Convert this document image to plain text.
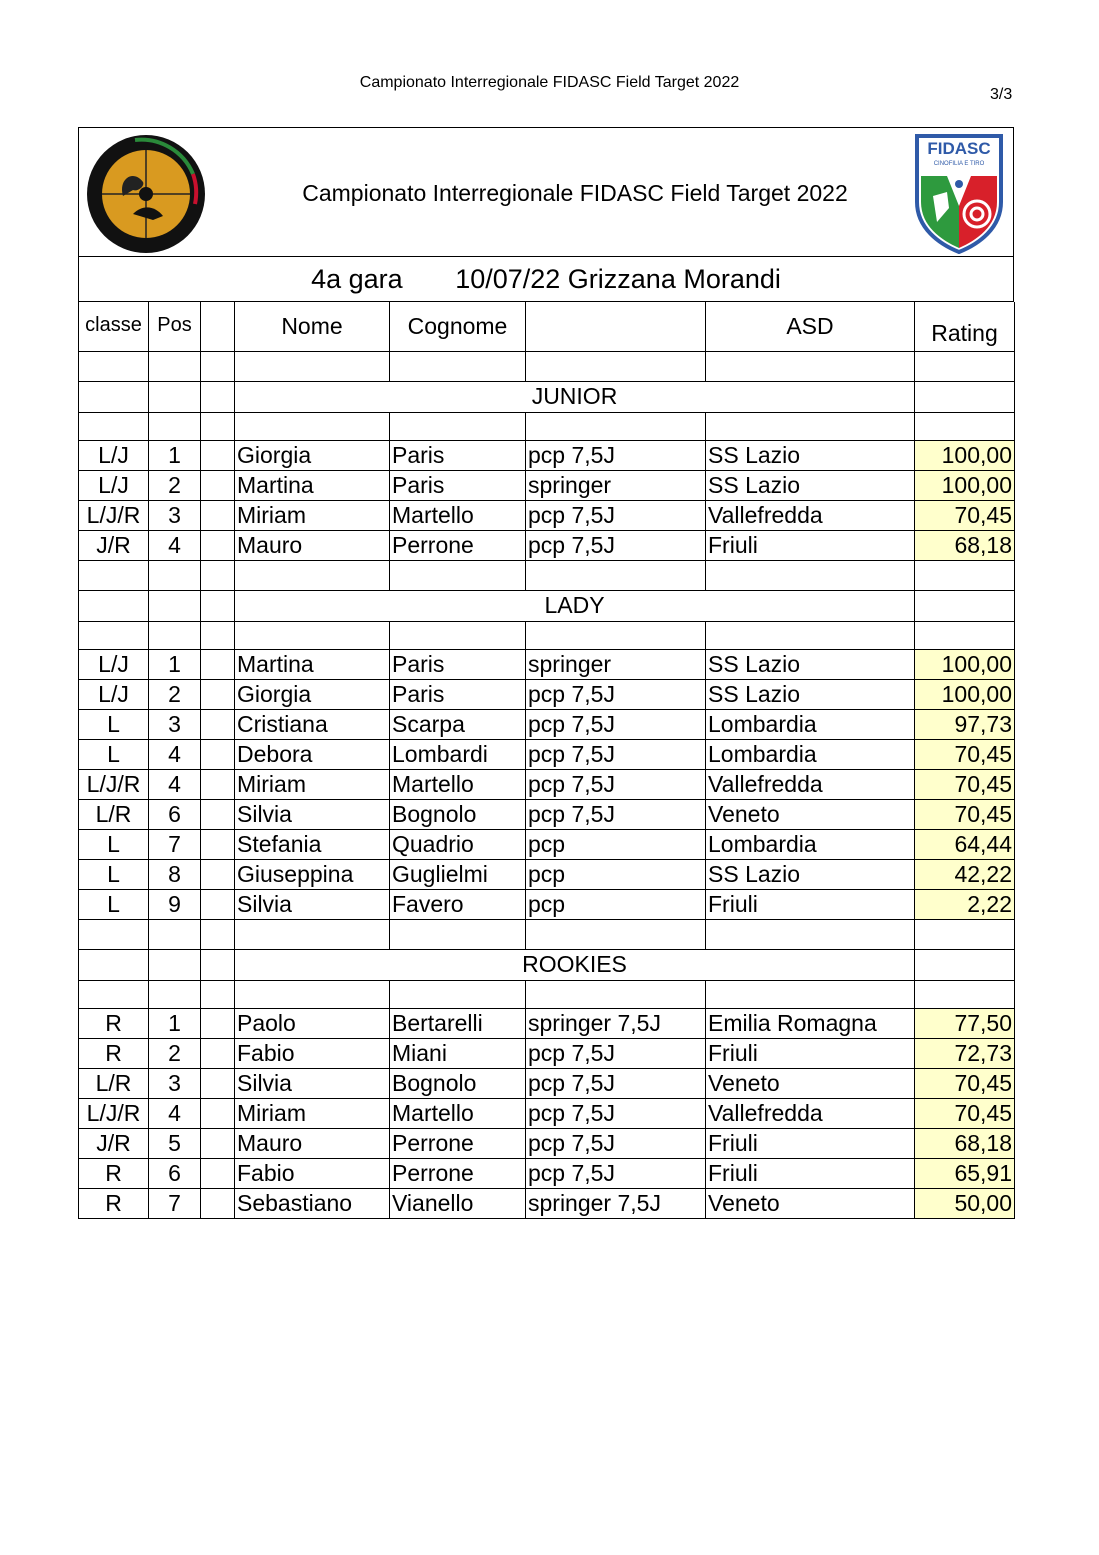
Campionato Interregionale FIDASC Field Target 2022
3/3
Campionato Interregionale FIDASC Field Target 2022
FIDASC
CINOFILIA E TIRO
4a gara       10/07/22 Grizzana Morandi
classe	Pos		Nome	Cognome		ASD	Rating

			JUNIOR				

L/J	1		Giorgia	Paris	pcp 7,5J	SS Lazio	100,00
L/J	2		Martina	Paris	springer	SS Lazio	100,00
L/J/R	3		Miriam	Martello	pcp 7,5J	Vallefredda	70,45
J/R	4		Mauro	Perrone	pcp 7,5J	Friuli	68,18

			LADY				

L/J	1		Martina	Paris	springer	SS Lazio	100,00
L/J	2		Giorgia	Paris	pcp 7,5J	SS Lazio	100,00
L	3		Cristiana	Scarpa	pcp 7,5J	Lombardia	97,73
L	4		Debora	Lombardi	pcp 7,5J	Lombardia	70,45
L/J/R	4		Miriam	Martello	pcp 7,5J	Vallefredda	70,45
L/R	6		Silvia	Bognolo	pcp 7,5J	Veneto	70,45
L	7		Stefania	Quadrio	pcp	Lombardia	64,44
L	8		Giuseppina	Guglielmi	pcp	SS Lazio	42,22
L	9		Silvia	Favero	pcp	Friuli	2,22

			ROOKIES				

R	1		Paolo	Bertarelli	springer 7,5J	Emilia Romagna	77,50
R	2		Fabio	Miani	pcp 7,5J	Friuli	72,73
L/R	3		Silvia	Bognolo	pcp 7,5J	Veneto	70,45
L/J/R	4		Miriam	Martello	pcp 7,5J	Vallefredda	70,45
J/R	5		Mauro	Perrone	pcp 7,5J	Friuli	68,18
R	6		Fabio	Perrone	pcp 7,5J	Friuli	65,91
R	7		Sebastiano	Vianello	springer 7,5J	Veneto	50,00
